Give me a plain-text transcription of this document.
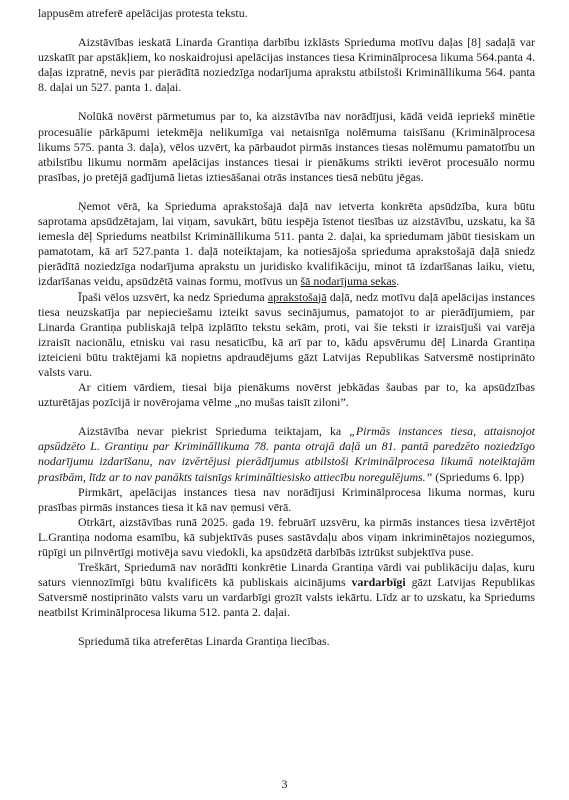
lappusēm atreferē apelācijas protesta tekstu.

Aizstāvības ieskatā Linarda Grantiņa darbību izklāsts Sprieduma motīvu daļas [8] sadaļā var uzskatīt par apstākļiem, ko noskaidrojusi apelācijas instances tiesa Kriminālprocesa likuma 564.panta 4. daļas izpratnē, nevis par pierādītā noziedzīga nodarījuma aprakstu atbilstoši Krimināllikuma 564. panta 8. daļai un 527. panta 1. daļai.

Nolūkā novērst pārmetumus par to, ka aizstāvība nav norādījusi, kādā veidā iepriekš minētie procesuālie pārkāpumi ietekmēja nelikumīga vai netaisnīga nolēmuma taisīšanu (Kriminālprocesa likums 575. panta 3. daļa), vēlos uzvērt, ka pārbaudot pirmās instances tiesas nolēmumu pamatotību un atbilstību likumu normām apelācijas instances tiesai ir pienākums strikti ievērot procesuālo normu prasības, jo pretējā gadījumā lietas iztiesāšanai otrās instances tiesā nebūtu jēgas.

Ņemot vērā, ka Sprieduma aprakstošajā daļā nav ietverta konkrēta apsūdzība, kura būtu saprotama apsūdzētajam, lai viņam, savukārt, būtu iespēja īstenot tiesības uz aizstāvību, uzskatu, ka šā iemesla dēļ Spriedums neatbilst Krimināllikuma 511. panta 2. daļai, ka spriedumam jābūt tiesiskam un pamatotam, kā arī 527.panta 1. daļā noteiktajam, ka notiesājoša sprieduma aprakstošajā daļā sniedz pierādītā noziedzīga nodarījuma aprakstu un juridisko kvalifikāciju, minot tā izdarīšanas laiku, vietu, izdarīšanas veidu, apsūdzētā vainas formu, motīvus un šā nodarījuma sekas.

Īpaši vēlos uzsvērt, ka nedz Sprieduma aprakstošajā daļā, nedz motīvu daļā apelācijas instances tiesa neuzskatīja par nepieciešamu izteikt savus secinājumus, pamatojot to ar pierādījumiem, par Linarda Grantiņa publiskajā telpā izplātīto tekstu sekām, proti, vai šie teksti ir izraisījuši vai varēja izraisīt nacionālu, etnisku vai rasu nesaticību, kā arī par to, kādu apsvērumu dēļ Linarda Grantiņa izteicieni būtu traktējami kā nopietns apdraudējums gāzt Latvijas Republikas Satversmē nostiprināto valsts varu.

Ar citiem vārdiem, tiesai bija pienākums novērst jebkādas šaubas par to, ka apsūdzības uzturētājas pozīcijā ir novērojama vēlme „no mušas taisīt ziloni”.

Aizstāvība nevar piekrist Sprieduma teiktajam, ka „Pirmās instances tiesa, attaisnojot apsūdzēto L. Grantiņu par Krimināllikuma 78. panta otrajā daļā un 81. pantā paredzēto noziedzīgo nodarījumu izdarīšanu, nav izvērtējusi pierādījumus atbilstoši Kriminālprocesa likumā noteiktajām prasībām, līdz ar to nav panākts taisnīgs krimināltiesisko attiecību noregulējums.” (Spriedums 6. lpp)

Pirmkārt, apelācijas instances tiesa nav norādījusi Kriminālprocesa likuma normas, kuru prasības pirmās instances tiesa it kā nav ņemusi vērā.

Otrkārt, aizstāvības runā 2025. gada 19. februārī uzsvēru, ka pirmās instances tiesa izvērtējot L.Grantiņa nodoma esamību, kā subjektīvās puses sastāvdaļu abos viņam inkriminētajos noziegumos, rūpīgi un pilnvērtīgi motivēja savu viedokli, ka apsūdzētā darbībās iztrūkst subjektīva puse.

Treškārt, Spriedumā nav norādīti konkrētie Linarda Grantiņa vārdi vai publikāciju daļas, kuru saturs viennozīmīgi būtu kvalificēts kā publiskais aicinājums vardarbīgi gāzt Latvijas Republikas Satversmē nostiprināto valsts varu un vardarbīgi grozīt valsts iekārtu. Līdz ar to uzskatu, ka Spriedums neatbilst Kriminālprocesa likuma 512. panta 2. daļai.

Spriedumā tika atreferētas Linarda Grantiņa liecības.

3
